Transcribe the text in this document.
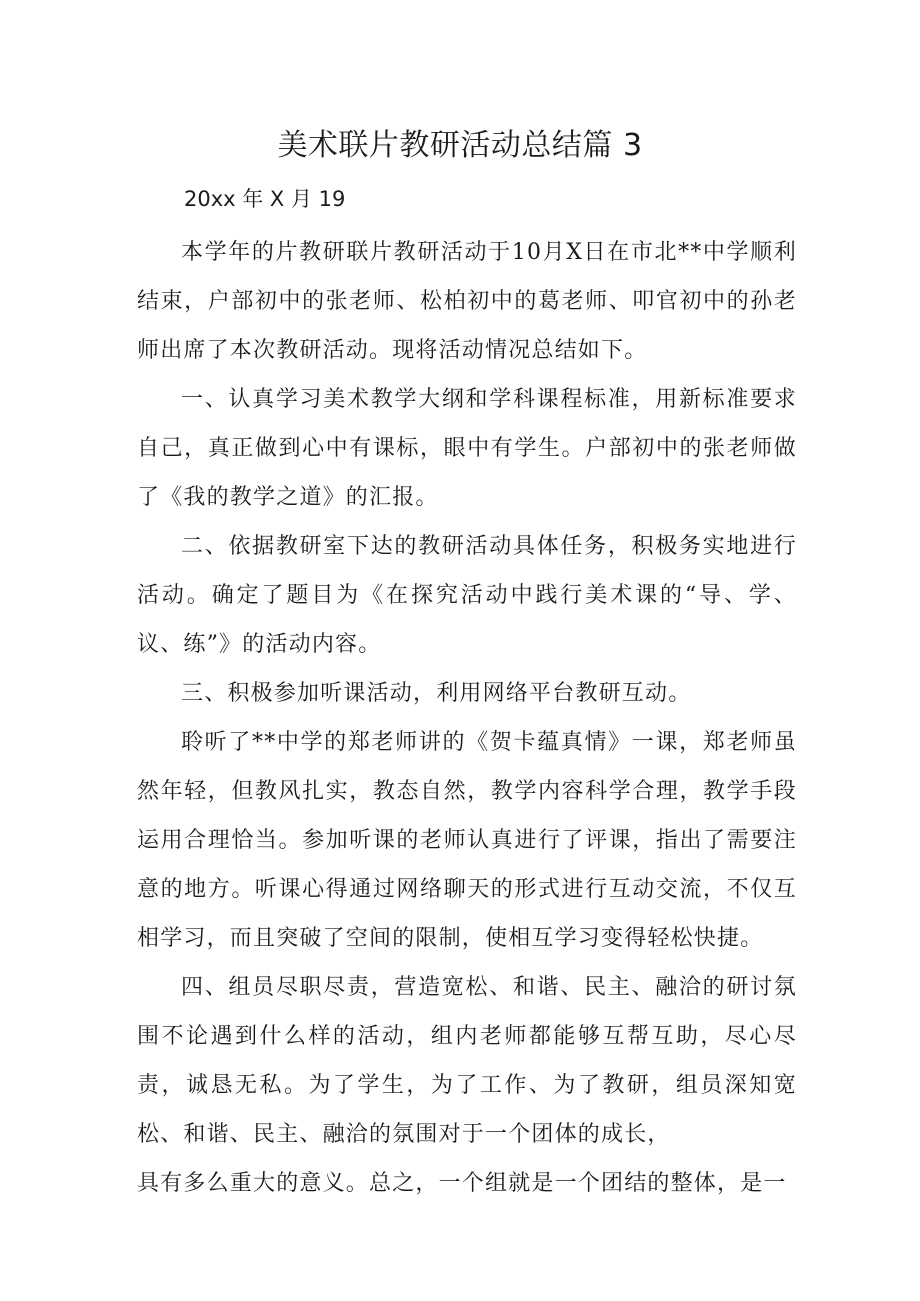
美术联片教研活动总结篇 3
20xx 年 X 月 19

本学年的片教研联片教研活动于10月X日在市北**中学顺利结束，户部初中的张老师、松柏初中的葛老师、叩官初中的孙老师出席了本次教研活动。现将活动情况总结如下。

一、认真学习美术教学大纲和学科课程标准，用新标准要求自己，真正做到心中有课标，眼中有学生。户部初中的张老师做了《我的教学之道》的汇报。

二、依据教研室下达的教研活动具体任务，积极务实地进行活动。确定了题目为《在探究活动中践行美术课的“导、学、议、练”》的活动内容。

三、积极参加听课活动，利用网络平台教研互动。

聆听了**中学的郑老师讲的《贺卡蕴真情》一课，郑老师虽然年轻，但教风扎实，教态自然，教学内容科学合理，教学手段运用合理恰当。参加听课的老师认真进行了评课，指出了需要注意的地方。听课心得通过网络聊天的形式进行互动交流，不仅互相学习，而且突破了空间的限制，使相互学习变得轻松快捷。

四、组员尽职尽责，营造宽松、和谐、民主、融洽的研讨氛围不论遇到什么样的活动，组内老师都能够互帮互助，尽心尽责，诚恳无私。为了学生，为了工作、为了教研，组员深知宽松、和谐、民主、融洽的氛围对于一个团体的成长，

具有多么重大的意义。总之，一个组就是一个团结的整体，是一
